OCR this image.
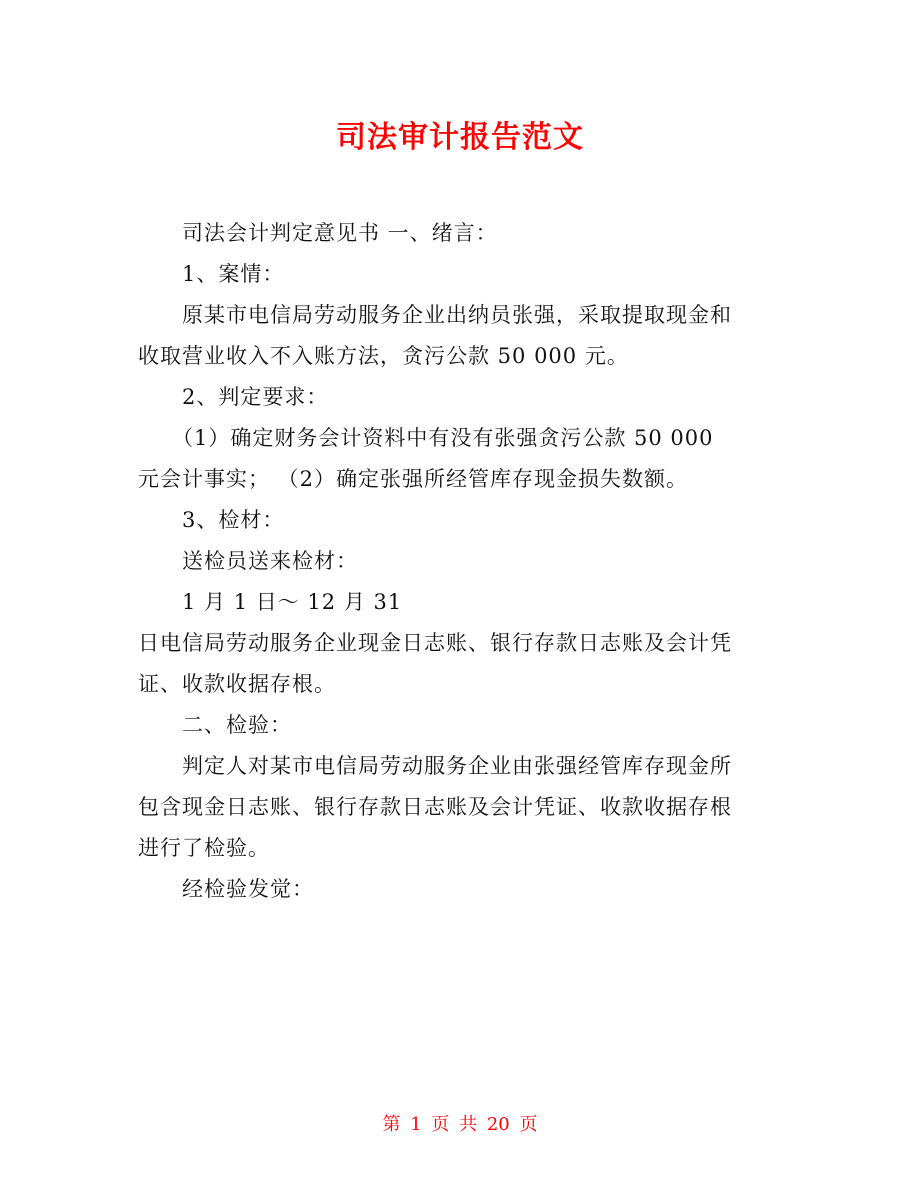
司法审计报告范文

司法会计判定意见书 一、绪言：

1、案情：

原某市电信局劳动服务企业出纳员张强，采取提取现金和

收取营业收入不入账方法，贪污公款 50 000 元。

2、判定要求：

（1）确定财务会计资料中有没有张强贪污公款 50 000

元会计事实； （2）确定张强所经管库存现金损失数额。

3、检材：

送检员送来检材：

1 月 1 日～ 12 月 31

日电信局劳动服务企业现金日志账、银行存款日志账及会计凭

证、收款收据存根。

二、检验：

判定人对某市电信局劳动服务企业由张强经管库存现金所

包含现金日志账、银行存款日志账及会计凭证、收款收据存根

进行了检验。

经检验发觉：

第 1 页 共 20 页
